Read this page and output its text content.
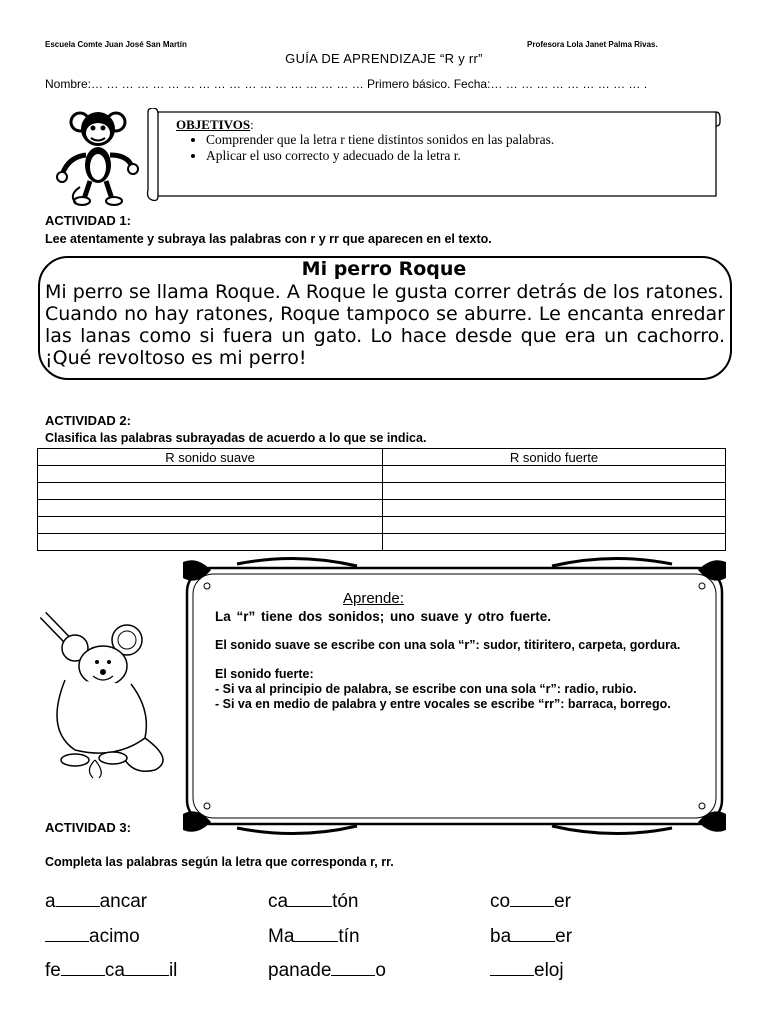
Escuela Comte Juan José San Martín	Profesora Lola Janet Palma Rivas.
GUÍA DE APRENDIZAJE “R y rr”
Nombre:… … … … … … … … … … … … … … … … … … Primero básico. Fecha:… … … … … … … … … … .
OBJETIVOS:
• Comprender que la letra r tiene distintos sonidos en las palabras.
• Aplicar el uso correcto y adecuado de la letra r.
ACTIVIDAD 1:
Lee atentamente y subraya las palabras con r y rr que aparecen en el texto.
Mi perro Roque
Mi perro se llama Roque. A Roque le gusta correr detrás de los ratones.
Cuando no hay ratones, Roque tampoco se aburre. Le encanta enredar las lanas como si fuera un gato. Lo hace desde que era un cachorro. ¡Qué revoltoso es mi perro!
ACTIVIDAD 2:
Clasifica las palabras subrayadas de acuerdo a lo que se indica.
R sonido suave	R sonido fuerte

Aprende:

La “r” tiene dos sonidos; uno suave y otro fuerte.

El sonido suave se escribe con una sola “r”: sudor, titiritero, carpeta, gordura.

El sonido fuerte:

- Si va al principio de palabra, se escribe con una sola “r”: radio, rubio.

- Si va en medio de palabra y entre vocales se escribe “rr”: barraca, borrego.

ACTIVIDAD 3:
Completa las palabras según la letra que corresponda r, rr.
a ancar	ca tón	co er
acimo	Ma tín	ba er
fe ca il	panade o	eloj
